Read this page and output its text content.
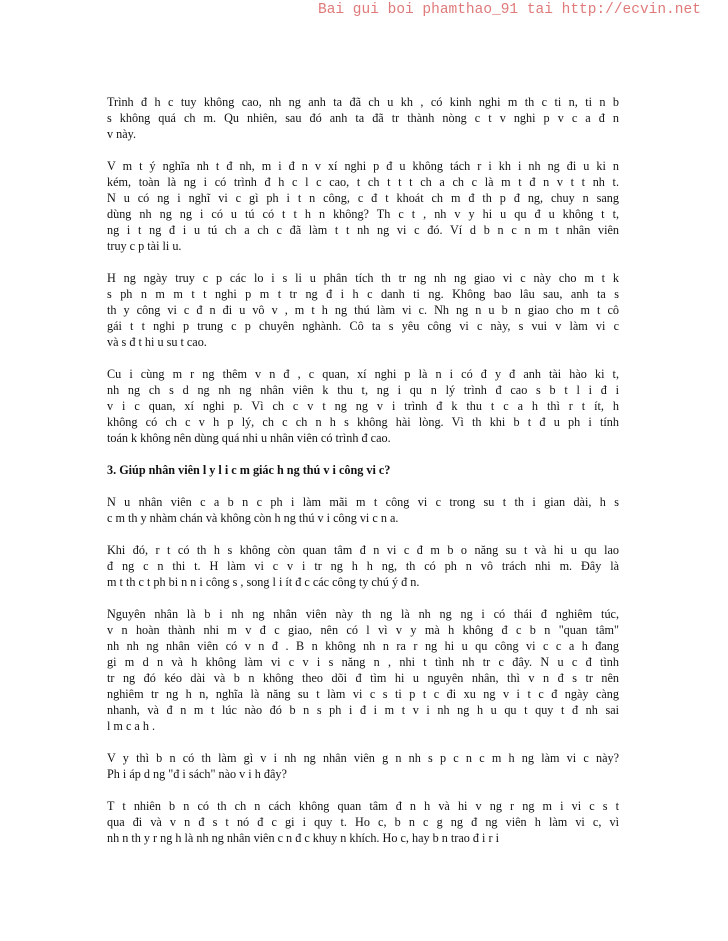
Bai gui boi phamthao_91 tai http://ecvin.net
Trình đ h c tuy không cao, nh ng anh ta đã ch u kh , có kinh nghi m th c ti n, ti n b
s không quá ch m. Qu nhiên, sau đó anh ta đã tr thành nòng c t v nghi p v c a đ n
v này.
V m t ý nghĩa nh t đ nh, m i đ n v xí nghi p đ u không tách r i kh i nh ng đi u ki n
kém, toàn là ng i có trình đ h c l c cao, t ch t t t ch a ch c là m t đ n v t t nh t.
N u có ng i nghĩ vi c gì ph i t n công, c đ t khoát ch m đ th p đ ng, chuy n sang
dùng nh ng ng i có u tú có t t h n không? Th c t , nh v y hi u qu đ u không t t,
ng i t ng đ i u tú ch a ch c đã làm t t nh ng vi c đó. Ví d b n c n m t nhân viên
truy c p tài li u.
H ng ngày truy c p các lo i s li u phân tích th tr ng nh ng giao vi c này cho m t k
s ph n m m t t nghi p m t tr ng đ i h c danh ti ng. Không bao lâu sau, anh ta s
th y công vi c đ n đi u vô v , m t h ng thú làm vi c. Nh ng n u b n giao cho m t cô
gái t t nghi p trung c p chuyên nghành. Cô ta s yêu công vi c này, s vui v làm vi c
và s đ t hi u su t cao.
Cu i cùng m r ng thêm v n đ , c quan, xí nghi p là n i có đ y đ anh tài hào ki t,
nh ng ch s d ng nh ng nhân viên k thu t, ng i qu n lý trình đ cao s b t l i đ i
v i c quan, xí nghi p. Vì ch c v t ng ng v i trình đ k thu t c a h thì r t ít, h
không có ch c v h p lý, ch c ch n h s không hài lòng. Vì th khi b t đ u ph i tính
toán k không nên dùng quá nhi u nhân viên có trình đ cao.
3. Giúp nhân viên l y l i c m giác h ng thú v i công vi c?
N u nhân viên c a b n c ph i làm mãi m t công vi c trong su t th i gian dài, h s
c m th y nhàm chán và không còn h ng thú v i công vi c n a.
Khi đó, r t có th h s không còn quan tâm đ n vi c đ m b o năng su t và hi u qu lao
đ ng c n thi t. H làm vi c v i tr ng h h ng, th có ph n vô trách nhi m. Đây là
m t th c t ph bi n n i công s , song l i ít đ c các công ty chú ý đ n.
Nguyên nhân là b i nh ng nhân viên này th ng là nh ng ng i có thái đ nghiêm túc,
v n hoàn thành nhi m v đ c giao, nên có l vì v y mà h không đ c b n "quan tâm"
nh nh ng nhân viên có v n đ . B n không nh n ra r ng hi u qu công vi c c a h đang
gi m d n và h không làm vi c v i s năng n , nhi t tình nh tr c đây. N u c đ tình
tr ng đó kéo dài và b n không theo dõi đ tìm hi u nguyên nhân, thì v n đ s tr nên
nghiêm tr ng h n, nghĩa là năng su t làm vi c s ti p t c đi xu ng v i t c đ ngày càng
nhanh, và đ n m t lúc nào đó b n s ph i đ i m t v i nh ng h u qu t quy t đ nh sai
l m c a h .
V y thì b n có th làm gì v i nh ng nhân viên g n nh s p c n c m h ng làm vi c này?
Ph i áp d ng "đ i sách" nào v i h đây?
T t nhiên b n có th ch n cách không quan tâm đ n h và hi v ng r ng m i vi c s t
qua đi và v n đ s t nó đ c gi i quy t. Ho c, b n c g ng đ ng viên h làm vi c, vì
nh n th y r ng h là nh ng nhân viên c n đ c khuy n khích. Ho c, hay b n trao đ i r i
